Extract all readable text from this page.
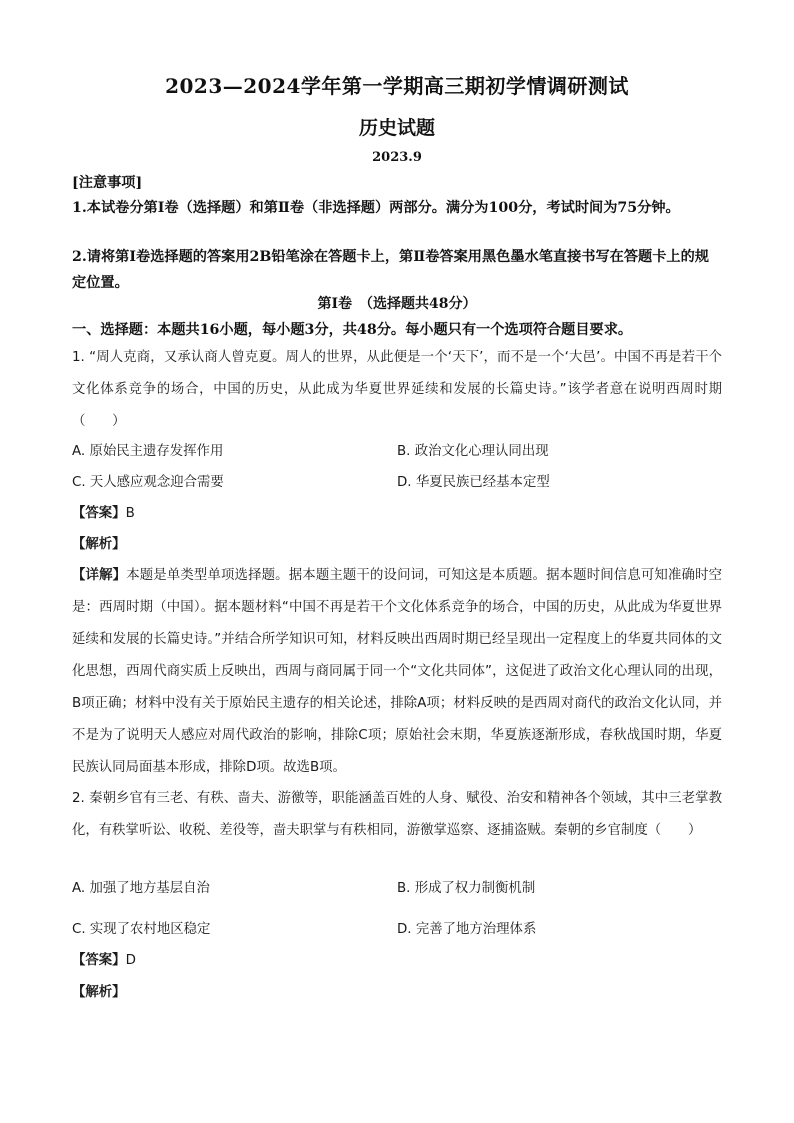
2023—2024学年第一学期高三期初学情调研测试
历史试题
2023.9
[注意事项]
1.本试卷分第Ⅰ卷（选择题）和第Ⅱ卷（非选择题）两部分。满分为100分，考试时间为75分钟。
2.请将第Ⅰ卷选择题的答案用2B铅笔涂在答题卡上，第Ⅱ卷答案用黑色墨水笔直接书写在答题卡上的规定位置。
第Ⅰ卷　（选择题共48分）
一、选择题：本题共16小题，每小题3分，共48分。每小题只有一个选项符合题目要求。
1. “周人克商，又承认商人曾克夏。周人的世界，从此便是一个‘天下’，而不是一个‘大邑’。中国不再是若干个文化体系竞争的场合，中国的历史，从此成为华夏世界延续和发展的长篇史诗。”该学者意在说明西周时期（　　）
A. 原始民主遗存发挥作用	B. 政治文化心理认同出现
C. 天人感应观念迎合需要	D. 华夏民族已经基本定型
【答案】B
【解析】
【详解】本题是单类型单项选择题。据本题主题干的设问词，可知这是本质题。据本题时间信息可知准确时空是：西周时期（中国）。据本题材料“中国不再是若干个文化体系竞争的场合，中国的历史，从此成为华夏世界延续和发展的长篇史诗。”并结合所学知识可知，材料反映出西周时期已经呈现出一定程度上的华夏共同体的文化思想，西周代商实质上反映出，西周与商同属于同一个“文化共同体”，这促进了政治文化心理认同的出现，B项正确；材料中没有关于原始民主遗存的相关论述，排除A项；材料反映的是西周对商代的政治文化认同，并不是为了说明天人感应对周代政治的影响，排除C项；原始社会末期，华夏族逐渐形成，春秋战国时期，华夏民族认同局面基本形成，排除D项。故选B项。
2. 秦朝乡官有三老、有秩、啬夫、游徼等，职能涵盖百姓的人身、赋役、治安和精神各个领域，其中三老掌教化，有秩掌听讼、收税、差役等，啬夫职掌与有秩相同，游徼掌巡察、逐捕盗贼。秦朝的乡官制度（　　）
A. 加强了地方基层自治	B. 形成了权力制衡机制
C. 实现了农村地区稳定	D. 完善了地方治理体系
【答案】D
【解析】
